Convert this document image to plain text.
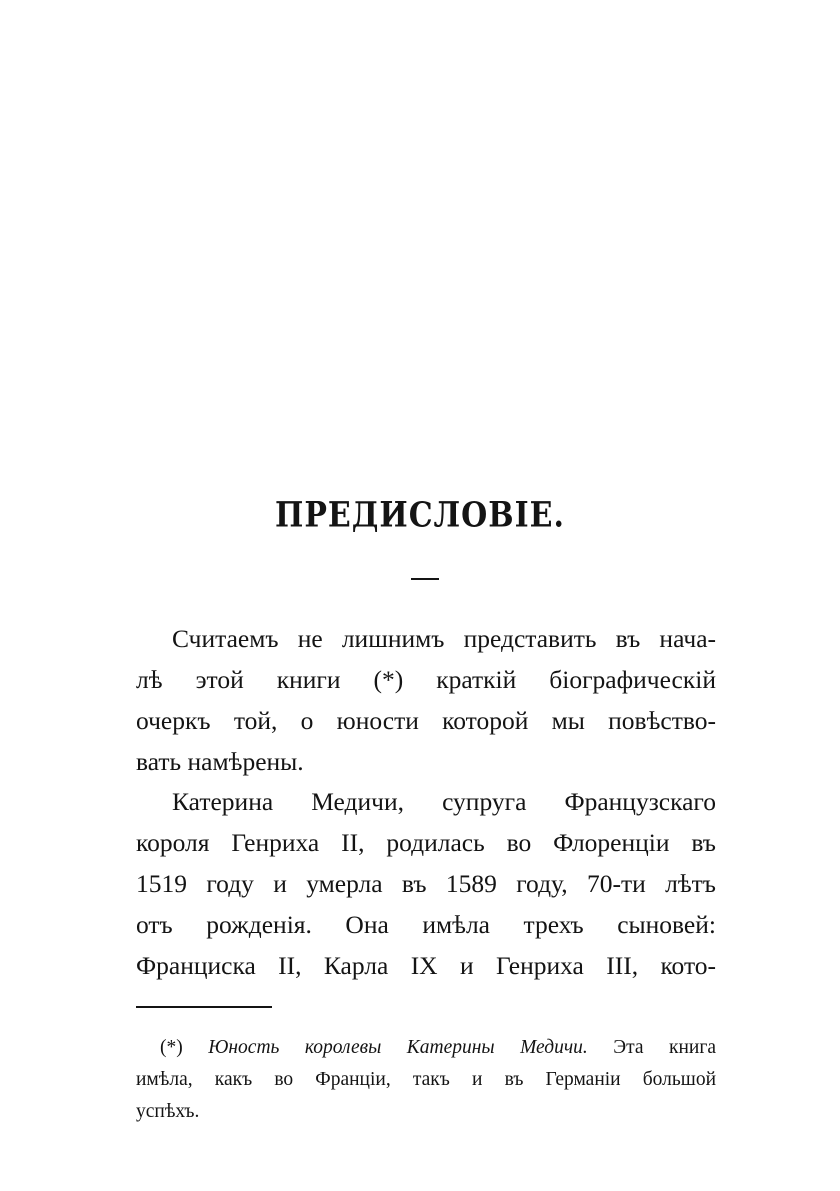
ПРЕДИСЛОВІЕ.
Считаемъ не лишнимъ представить въ нача-
лѣ этой книги (*) краткій біографическій
очеркъ той, о юности которой мы повѣство-
вать намѣрены.
Катерина Медичи, супруга Французскаго
короля Генриха II, родилась во Флоренціи въ
1519 году и умерла въ 1589 году, 70-ти лѣтъ
отъ рожденія. Она имѣла трехъ сыновей:
Франциска II, Карла IX и Генриха III, кото-
(*) Юность королевы Катерины Медичи. Эта книга
имѣла, какъ во Франціи, такъ и въ Германіи большой
успѣхъ.
